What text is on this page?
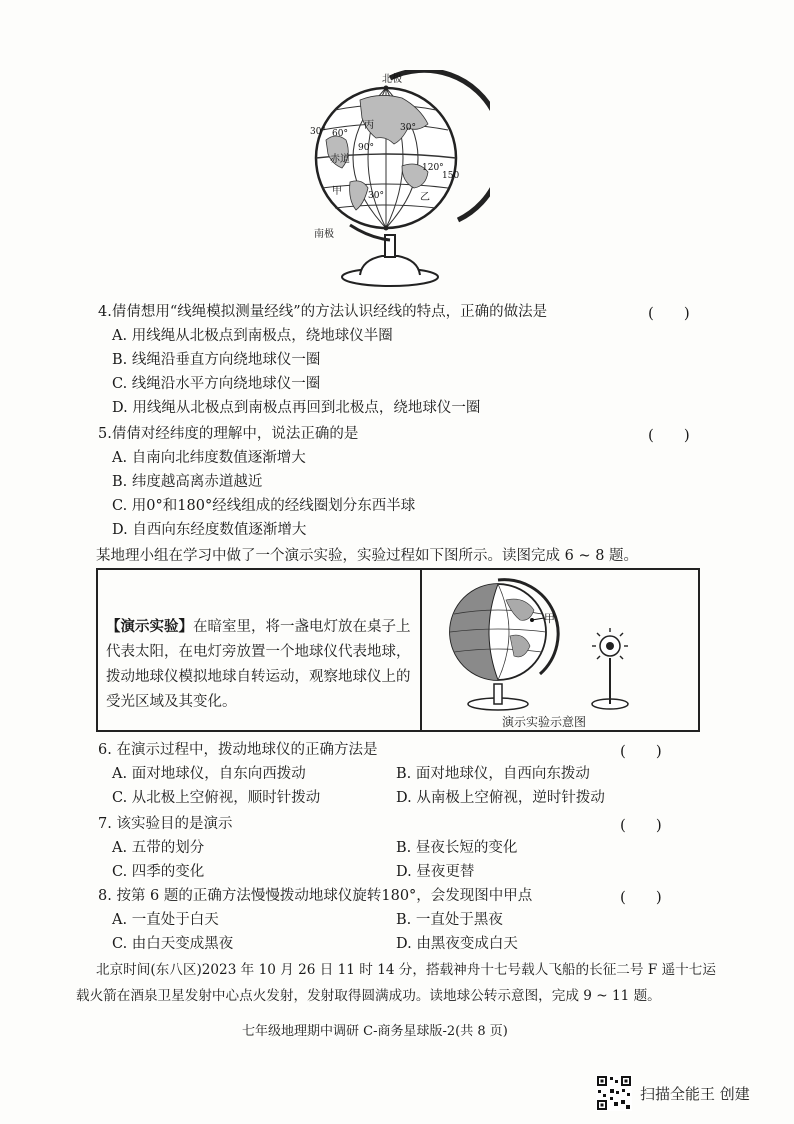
北极
南极
赤道
丙
甲
乙
30° 60°
90°
30°
120°
150
30°
4.倩倩想用“线绳模拟测量经线”的方法认识经线的特点，正确的做法是	(　　)
A. 用线绳从北极点到南极点，绕地球仪半圈
B. 线绳沿垂直方向绕地球仪一圈
C. 线绳沿水平方向绕地球仪一圈
D. 用线绳从北极点到南极点再回到北极点，绕地球仪一圈
5.倩倩对经纬度的理解中，说法正确的是	(　　)
A. 自南向北纬度数值逐渐增大
B. 纬度越高离赤道越近
C. 用0°和180°经线组成的经线圈划分东西半球
D. 自西向东经度数值逐渐增大
某地理小组在学习中做了一个演示实验，实验过程如下图所示。读图完成 6 ~ 8 题。
【演示实验】在暗室里，将一盏电灯放在桌子上代表太阳，在电灯旁放置一个地球仪代表地球，拨动地球仪模拟地球自转运动，观察地球仪上的受光区域及其变化。
甲
演示实验示意图
6. 在演示过程中，拨动地球仪的正确方法是	(　　)
A. 面对地球仪，自东向西拨动	B. 面对地球仪，自西向东拨动
C. 从北极上空俯视，顺时针拨动	D. 从南极上空俯视，逆时针拨动
7. 该实验目的是演示	(　　)
A. 五带的划分	B. 昼夜长短的变化
C. 四季的变化	D. 昼夜更替
8. 按第 6 题的正确方法慢慢拨动地球仪旋转180°，会发现图中甲点	(　　)
A. 一直处于白天	B. 一直处于黑夜
C. 由白天变成黑夜	D. 由黑夜变成白天
北京时间(东八区)2023 年 10 月 26 日 11 时 14 分，搭载神舟十七号载人飞船的长征二号 F 遥十七运
载火箭在酒泉卫星发射中心点火发射，发射取得圆满成功。读地球公转示意图，完成 9 ~ 11 题。
七年级地理期中调研 C-商务星球版-2(共 8 页)
扫描全能王 创建
